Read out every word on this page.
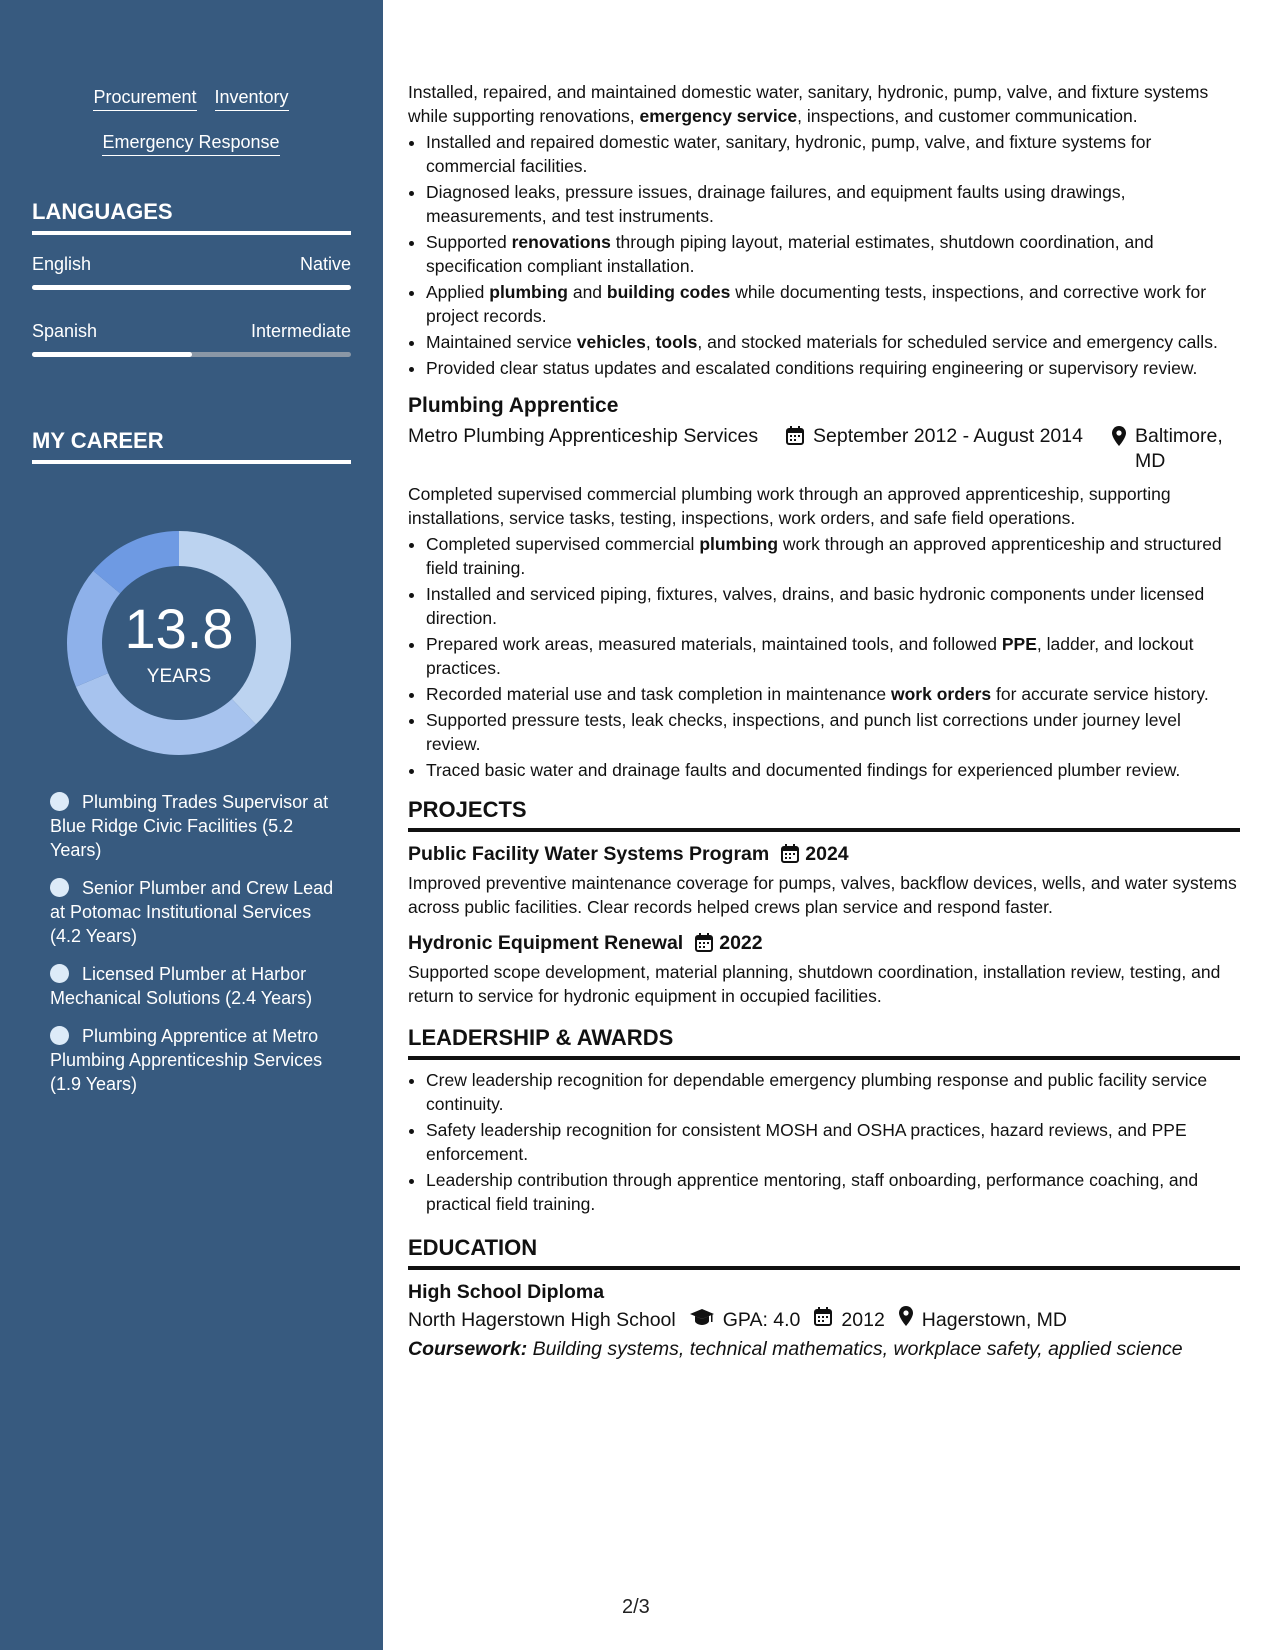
Procurement Inventory
Emergency Response
LANGUAGES
English	Native
Spanish	Intermediate
MY CAREER
13.8
YEARS
Plumbing Trades Supervisor at Blue Ridge Civic Facilities (5.2 Years)
Senior Plumber and Crew Lead at Potomac Institutional Services (4.2 Years)
Licensed Plumber at Harbor Mechanical Solutions (2.4 Years)
Plumbing Apprentice at Metro Plumbing Apprenticeship Services (1.9 Years)

Installed, repaired, and maintained domestic water, sanitary, hydronic, pump, valve, and fixture systems while supporting renovations, emergency service, inspections, and customer communication.

• Installed and repaired domestic water, sanitary, hydronic, pump, valve, and fixture systems for commercial facilities.
• Diagnosed leaks, pressure issues, drainage failures, and equipment faults using drawings, measurements, and test instruments.
• Supported renovations through piping layout, material estimates, shutdown coordination, and specification compliant installation.
• Applied plumbing and building codes while documenting tests, inspections, and corrective work for project records.
• Maintained service vehicles, tools, and stocked materials for scheduled service and emergency calls.
• Provided clear status updates and escalated conditions requiring engineering or supervisory review.
Plumbing Apprentice
Metro Plumbing Apprenticeship Services	September 2012 - August 2014	Baltimore, MD

Completed supervised commercial plumbing work through an approved apprenticeship, supporting installations, service tasks, testing, inspections, work orders, and safe field operations.

• Completed supervised commercial plumbing work through an approved apprenticeship and structured field training.
• Installed and serviced piping, fixtures, valves, drains, and basic hydronic components under licensed direction.
• Prepared work areas, measured materials, maintained tools, and followed PPE, ladder, and lockout practices.
• Recorded material use and task completion in maintenance work orders for accurate service history.
• Supported pressure tests, leak checks, inspections, and punch list corrections under journey level review.
• Traced basic water and drainage faults and documented findings for experienced plumber review.
PROJECTS
Public Facility Water Systems Program 2024

Improved preventive maintenance coverage for pumps, valves, backflow devices, wells, and water systems across public facilities. Clear records helped crews plan service and respond faster.

Hydronic Equipment Renewal 2022

Supported scope development, material planning, shutdown coordination, installation review, testing, and return to service for hydronic equipment in occupied facilities.

LEADERSHIP & AWARDS
• Crew leadership recognition for dependable emergency plumbing response and public facility service continuity.
• Safety leadership recognition for consistent MOSH and OSHA practices, hazard reviews, and PPE enforcement.
• Leadership contribution through apprentice mentoring, staff onboarding, performance coaching, and practical field training.
EDUCATION
High School Diploma
North Hagerstown High School GPA: 4.0 2012 Hagerstown, MD
Coursework: Building systems, technical mathematics, workplace safety, applied science
2/3
